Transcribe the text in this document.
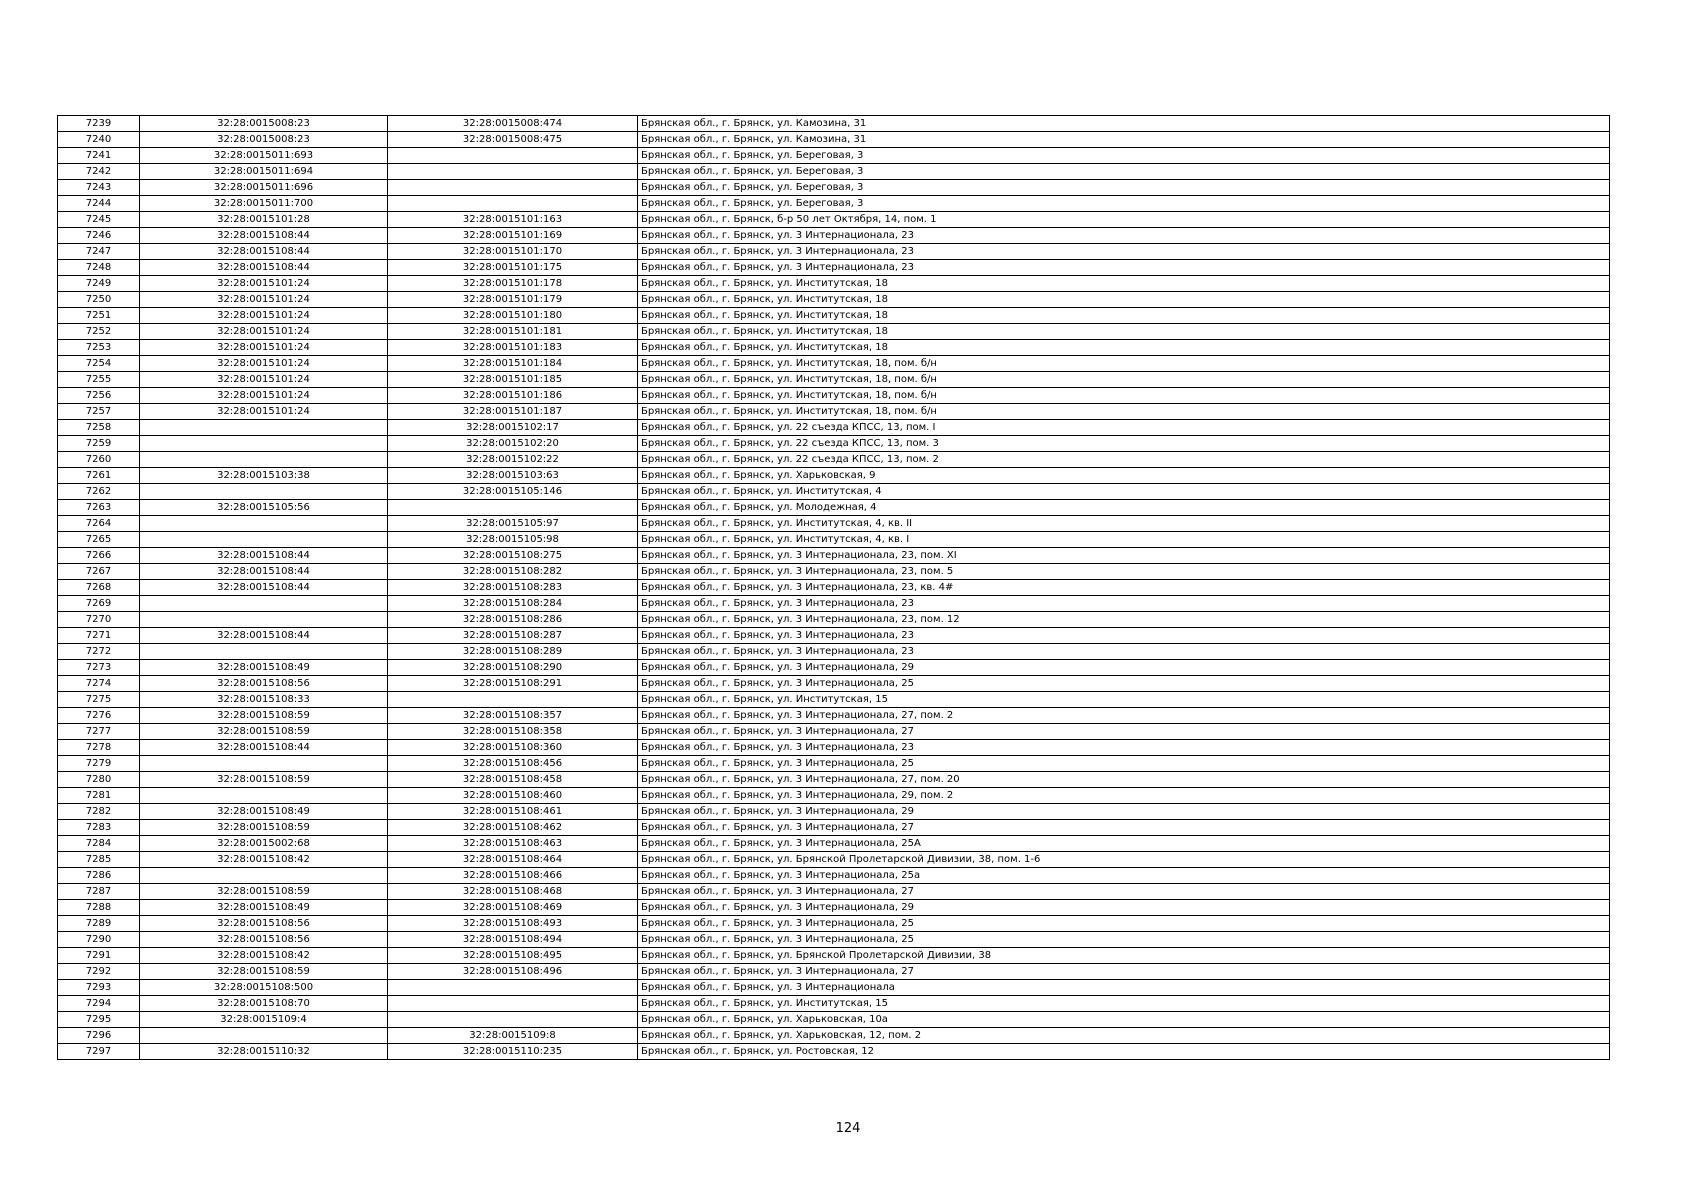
7239	32:28:0015008:23	32:28:0015008:474	Брянская обл., г. Брянск, ул. Камозина, 31
7240	32:28:0015008:23	32:28:0015008:475	Брянская обл., г. Брянск, ул. Камозина, 31
7241	32:28:0015011:693		Брянская обл., г. Брянск, ул. Береговая, 3
7242	32:28:0015011:694		Брянская обл., г. Брянск, ул. Береговая, 3
7243	32:28:0015011:696		Брянская обл., г. Брянск, ул. Береговая, 3
7244	32:28:0015011:700		Брянская обл., г. Брянск, ул. Береговая, 3
7245	32:28:0015101:28	32:28:0015101:163	Брянская обл., г. Брянск, б-р 50 лет Октября, 14, пом. 1
7246	32:28:0015108:44	32:28:0015101:169	Брянская обл., г. Брянск, ул. 3 Интернационала, 23
7247	32:28:0015108:44	32:28:0015101:170	Брянская обл., г. Брянск, ул. 3 Интернационала, 23
7248	32:28:0015108:44	32:28:0015101:175	Брянская обл., г. Брянск, ул. 3 Интернационала, 23
7249	32:28:0015101:24	32:28:0015101:178	Брянская обл., г. Брянск, ул. Институтская, 18
7250	32:28:0015101:24	32:28:0015101:179	Брянская обл., г. Брянск, ул. Институтская, 18
7251	32:28:0015101:24	32:28:0015101:180	Брянская обл., г. Брянск, ул. Институтская, 18
7252	32:28:0015101:24	32:28:0015101:181	Брянская обл., г. Брянск, ул. Институтская, 18
7253	32:28:0015101:24	32:28:0015101:183	Брянская обл., г. Брянск, ул. Институтская, 18
7254	32:28:0015101:24	32:28:0015101:184	Брянская обл., г. Брянск, ул. Институтская, 18, пом. б/н
7255	32:28:0015101:24	32:28:0015101:185	Брянская обл., г. Брянск, ул. Институтская, 18, пом. б/н
7256	32:28:0015101:24	32:28:0015101:186	Брянская обл., г. Брянск, ул. Институтская, 18, пом. б/н
7257	32:28:0015101:24	32:28:0015101:187	Брянская обл., г. Брянск, ул. Институтская, 18, пом. б/н
7258		32:28:0015102:17	Брянская обл., г. Брянск, ул. 22 съезда КПСС, 13, пом. I
7259		32:28:0015102:20	Брянская обл., г. Брянск, ул. 22 съезда КПСС, 13, пом. 3
7260		32:28:0015102:22	Брянская обл., г. Брянск, ул. 22 съезда КПСС, 13, пом. 2
7261	32:28:0015103:38	32:28:0015103:63	Брянская обл., г. Брянск, ул. Харьковская, 9
7262		32:28:0015105:146	Брянская обл., г. Брянск, ул. Институтская, 4
7263	32:28:0015105:56		Брянская обл., г. Брянск, ул. Молодежная, 4
7264		32:28:0015105:97	Брянская обл., г. Брянск, ул. Институтская, 4, кв. II
7265		32:28:0015105:98	Брянская обл., г. Брянск, ул. Институтская, 4, кв. I
7266	32:28:0015108:44	32:28:0015108:275	Брянская обл., г. Брянск, ул. 3 Интернационала, 23, пом. XI
7267	32:28:0015108:44	32:28:0015108:282	Брянская обл., г. Брянск, ул. 3 Интернационала, 23, пом. 5
7268	32:28:0015108:44	32:28:0015108:283	Брянская обл., г. Брянск, ул. 3 Интернационала, 23, кв. 4#
7269		32:28:0015108:284	Брянская обл., г. Брянск, ул. 3 Интернационала, 23
7270		32:28:0015108:286	Брянская обл., г. Брянск, ул. 3 Интернационала, 23, пом. 12
7271	32:28:0015108:44	32:28:0015108:287	Брянская обл., г. Брянск, ул. 3 Интернационала, 23
7272		32:28:0015108:289	Брянская обл., г. Брянск, ул. 3 Интернационала, 23
7273	32:28:0015108:49	32:28:0015108:290	Брянская обл., г. Брянск, ул. 3 Интернационала, 29
7274	32:28:0015108:56	32:28:0015108:291	Брянская обл., г. Брянск, ул. 3 Интернационала, 25
7275	32:28:0015108:33		Брянская обл., г. Брянск, ул. Институтская, 15
7276	32:28:0015108:59	32:28:0015108:357	Брянская обл., г. Брянск, ул. 3 Интернационала, 27, пом. 2
7277	32:28:0015108:59	32:28:0015108:358	Брянская обл., г. Брянск, ул. 3 Интернационала, 27
7278	32:28:0015108:44	32:28:0015108:360	Брянская обл., г. Брянск, ул. 3 Интернационала, 23
7279		32:28:0015108:456	Брянская обл., г. Брянск, ул. 3 Интернационала, 25
7280	32:28:0015108:59	32:28:0015108:458	Брянская обл., г. Брянск, ул. 3 Интернационала, 27, пом. 20
7281		32:28:0015108:460	Брянская обл., г. Брянск, ул. 3 Интернационала, 29, пом. 2
7282	32:28:0015108:49	32:28:0015108:461	Брянская обл., г. Брянск, ул. 3 Интернационала, 29
7283	32:28:0015108:59	32:28:0015108:462	Брянская обл., г. Брянск, ул. 3 Интернационала, 27
7284	32:28:0015002:68	32:28:0015108:463	Брянская обл., г. Брянск, ул. 3 Интернационала, 25А
7285	32:28:0015108:42	32:28:0015108:464	Брянская обл., г. Брянск, ул. Брянской Пролетарской Дивизии, 38, пом. 1-6
7286		32:28:0015108:466	Брянская обл., г. Брянск, ул. 3 Интернационала, 25а
7287	32:28:0015108:59	32:28:0015108:468	Брянская обл., г. Брянск, ул. 3 Интернационала, 27
7288	32:28:0015108:49	32:28:0015108:469	Брянская обл., г. Брянск, ул. 3 Интернационала, 29
7289	32:28:0015108:56	32:28:0015108:493	Брянская обл., г. Брянск, ул. 3 Интернационала, 25
7290	32:28:0015108:56	32:28:0015108:494	Брянская обл., г. Брянск, ул. 3 Интернационала, 25
7291	32:28:0015108:42	32:28:0015108:495	Брянская обл., г. Брянск, ул. Брянской Пролетарской Дивизии, 38
7292	32:28:0015108:59	32:28:0015108:496	Брянская обл., г. Брянск, ул. 3 Интернационала, 27
7293	32:28:0015108:500		Брянская обл., г. Брянск, ул. 3 Интернационала
7294	32:28:0015108:70		Брянская обл., г. Брянск, ул. Институтская, 15
7295	32:28:0015109:4		Брянская обл., г. Брянск, ул. Харьковская, 10а
7296		32:28:0015109:8	Брянская обл., г. Брянск, ул. Харьковская, 12, пом. 2
7297	32:28:0015110:32	32:28:0015110:235	Брянская обл., г. Брянск, ул. Ростовская, 12
124
